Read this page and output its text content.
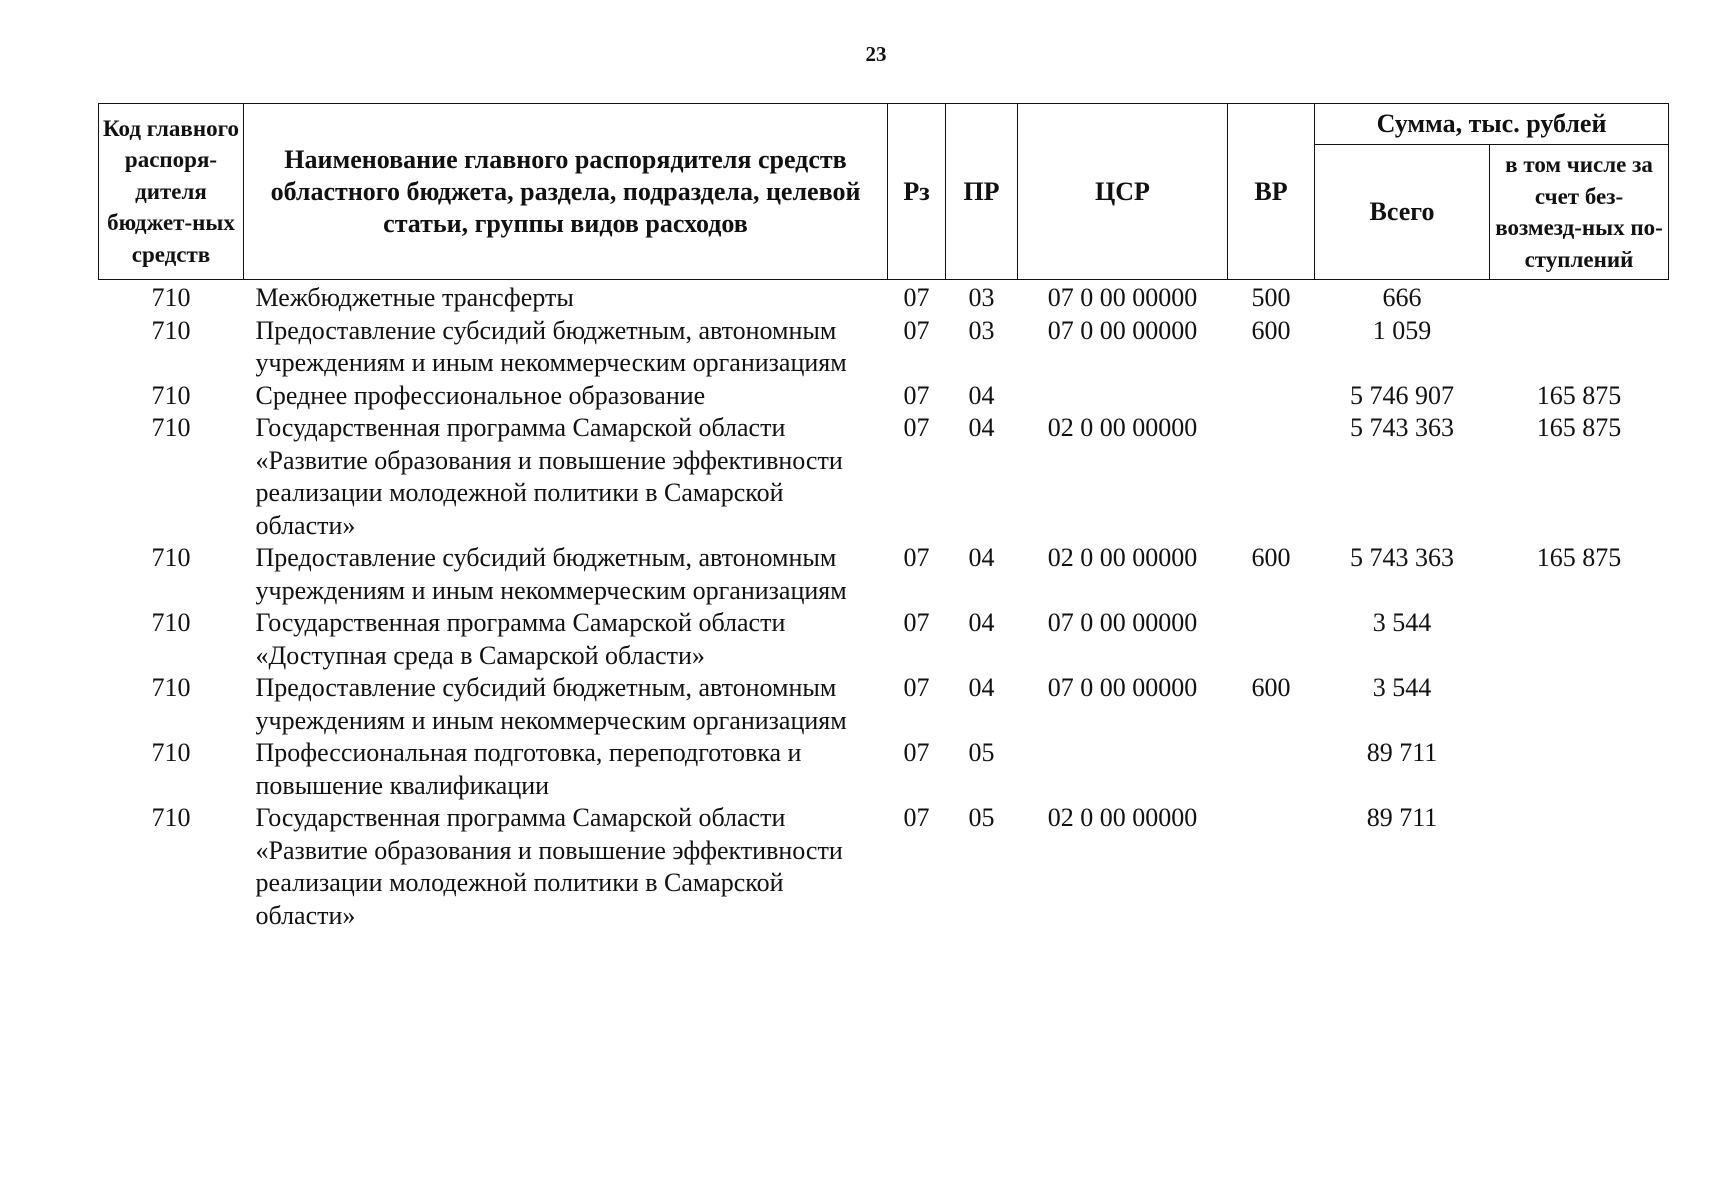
23
Код главного распоря-дителя бюджет-ных средств	Наименование главного распорядителя средств областного бюджета, раздела, подраздела, целевой статьи, группы видов расходов	Рз	ПР	ЦСР	ВР	Сумма, тыс. рублей	
						Всего	в том числе за счет без-возмезд-ных по-ступлений
710	Межбюджетные трансферты	07	03	07 0 00 00000	500	666	
710	Предоставление субсидий бюджетным, автономным учреждениям и иным некоммерческим организациям	07	03	07 0 00 00000	600	1 059	
710	Среднее профессиональное образование	07	04			5 746 907	165 875
710	Государственная программа Самарской области «Развитие образования и повышение эффективности реализации молодежной политики в Самарской области»	07	04	02 0 00 00000		5 743 363	165 875
710	Предоставление субсидий бюджетным, автономным учреждениям и иным некоммерческим организациям	07	04	02 0 00 00000	600	5 743 363	165 875
710	Государственная программа Самарской области «Доступная среда в Самарской области»	07	04	07 0 00 00000		3 544	
710	Предоставление субсидий бюджетным, автономным учреждениям и иным некоммерческим организациям	07	04	07 0 00 00000	600	3 544	
710	Профессиональная подготовка, переподготовка и повышение квалификации	07	05			89 711	
710	Государственная программа Самарской области «Развитие образования и повышение эффективности реализации молодежной политики в Самарской области»	07	05	02 0 00 00000		89 711	
